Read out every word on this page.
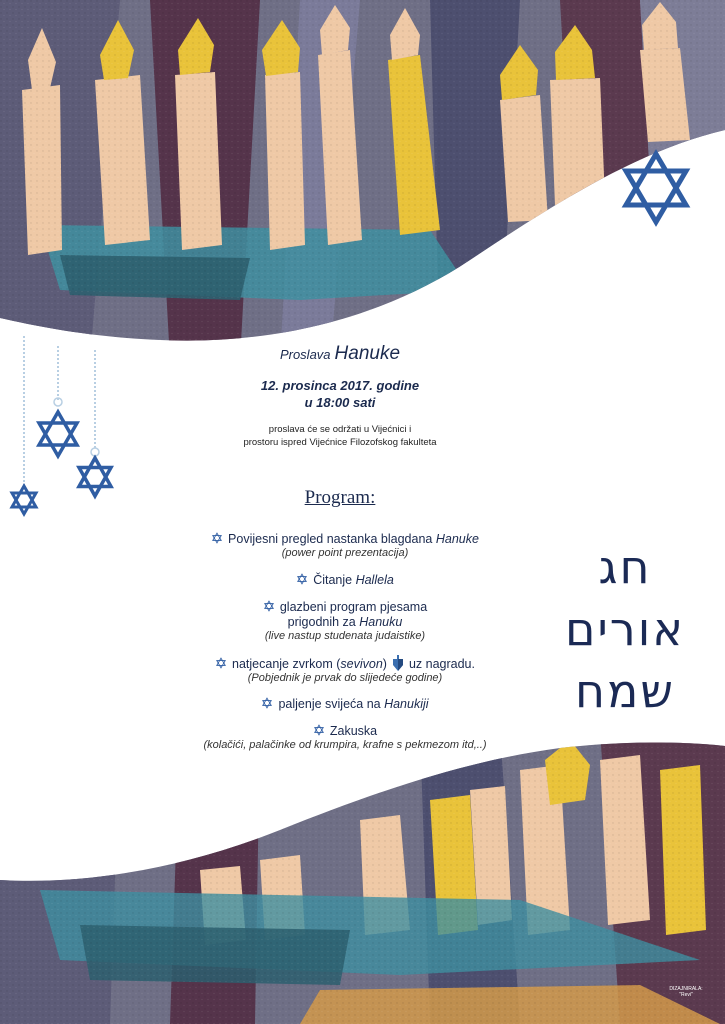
Proslava Hanuke
12. prosinca 2017. godine
u 18:00 sati
proslava će se održati u Vijećnici i
prostoru ispred Vijećnice Filozofskog fakulteta
Program:
Povijesni pregled nastanka blagdana Hanuke
(power point prezentacija)
Čitanje Hallela
glazbeni program pjesama
prigodnih za Hanuku
(live nastup studenata judaistike)
natjecanje zvrkom (sevivon) uz nagradu.
(Pobjednik je prvak do slijedeće godine)
paljenje svijeća na Hanukiji
Zakuska
(kolačići, palačinke od krumpira, krafne s pekmezom itd,..)
חג
אורים
שמח
DIZAJNIRALA:
"Revi"
